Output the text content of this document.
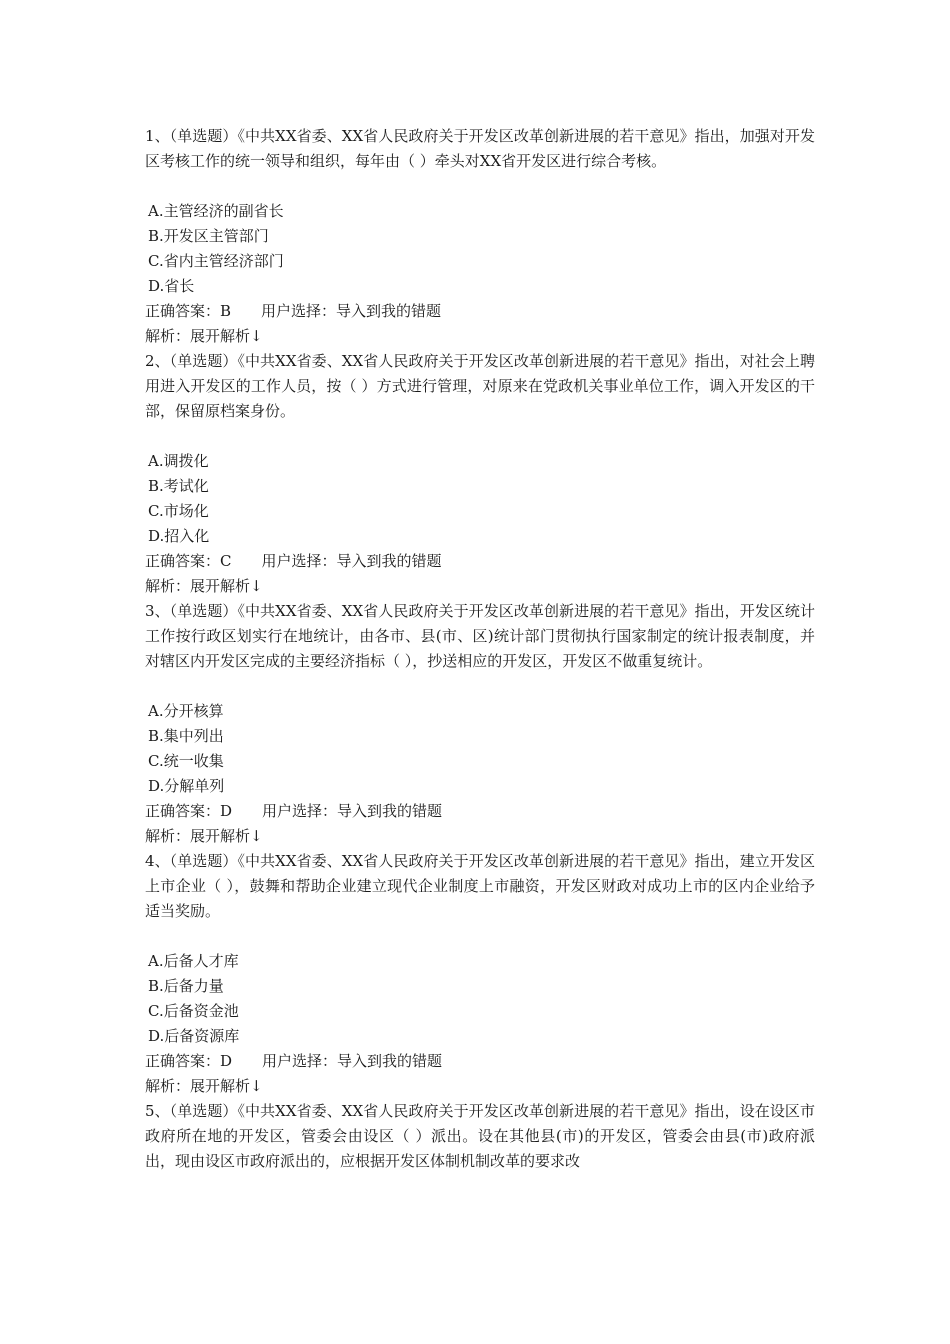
1、（单选题）《中共XX省委、XX省人民政府关于开发区改革创新进展的若干意见》指出，加强对开发区考核工作的统一领导和组织，每年由（ ）牵头对XX省开发区进行综合考核。

A.主管经济的副省长
B.开发区主管部门
C.省内主管经济部门
D.省长
正确答案：B 用户选择：导入到我的错题
解析：展开解析↓

2、（单选题）《中共XX省委、XX省人民政府关于开发区改革创新进展的若干意见》指出，对社会上聘用进入开发区的工作人员，按（ ）方式进行管理，对原来在党政机关事业单位工作，调入开发区的干部，保留原档案身份。

A.调拨化
B.考试化
C.市场化
D.招入化
正确答案：C 用户选择：导入到我的错题
解析：展开解析↓

3、（单选题）《中共XX省委、XX省人民政府关于开发区改革创新进展的若干意见》指出，开发区统计工作按行政区划实行在地统计，由各市、县(市、区)统计部门贯彻执行国家制定的统计报表制度，并对辖区内开发区完成的主要经济指标（ ），抄送相应的开发区，开发区不做重复统计。

A.分开核算
B.集中列出
C.统一收集
D.分解单列
正确答案：D 用户选择：导入到我的错题
解析：展开解析↓

4、（单选题）《中共XX省委、XX省人民政府关于开发区改革创新进展的若干意见》指出，建立开发区上市企业（ ），鼓舞和帮助企业建立现代企业制度上市融资，开发区财政对成功上市的区内企业给予适当奖励。

A.后备人才库
B.后备力量
C.后备资金池
D.后备资源库
正确答案：D 用户选择：导入到我的错题
解析：展开解析↓

5、（单选题）《中共XX省委、XX省人民政府关于开发区改革创新进展的若干意见》指出，设在设区市政府所在地的开发区，管委会由设区（ ）派出。设在其他县(市)的开发区，管委会由县(市)政府派出，现由设区市政府派出的，应根据开发区体制机制改革的要求改
